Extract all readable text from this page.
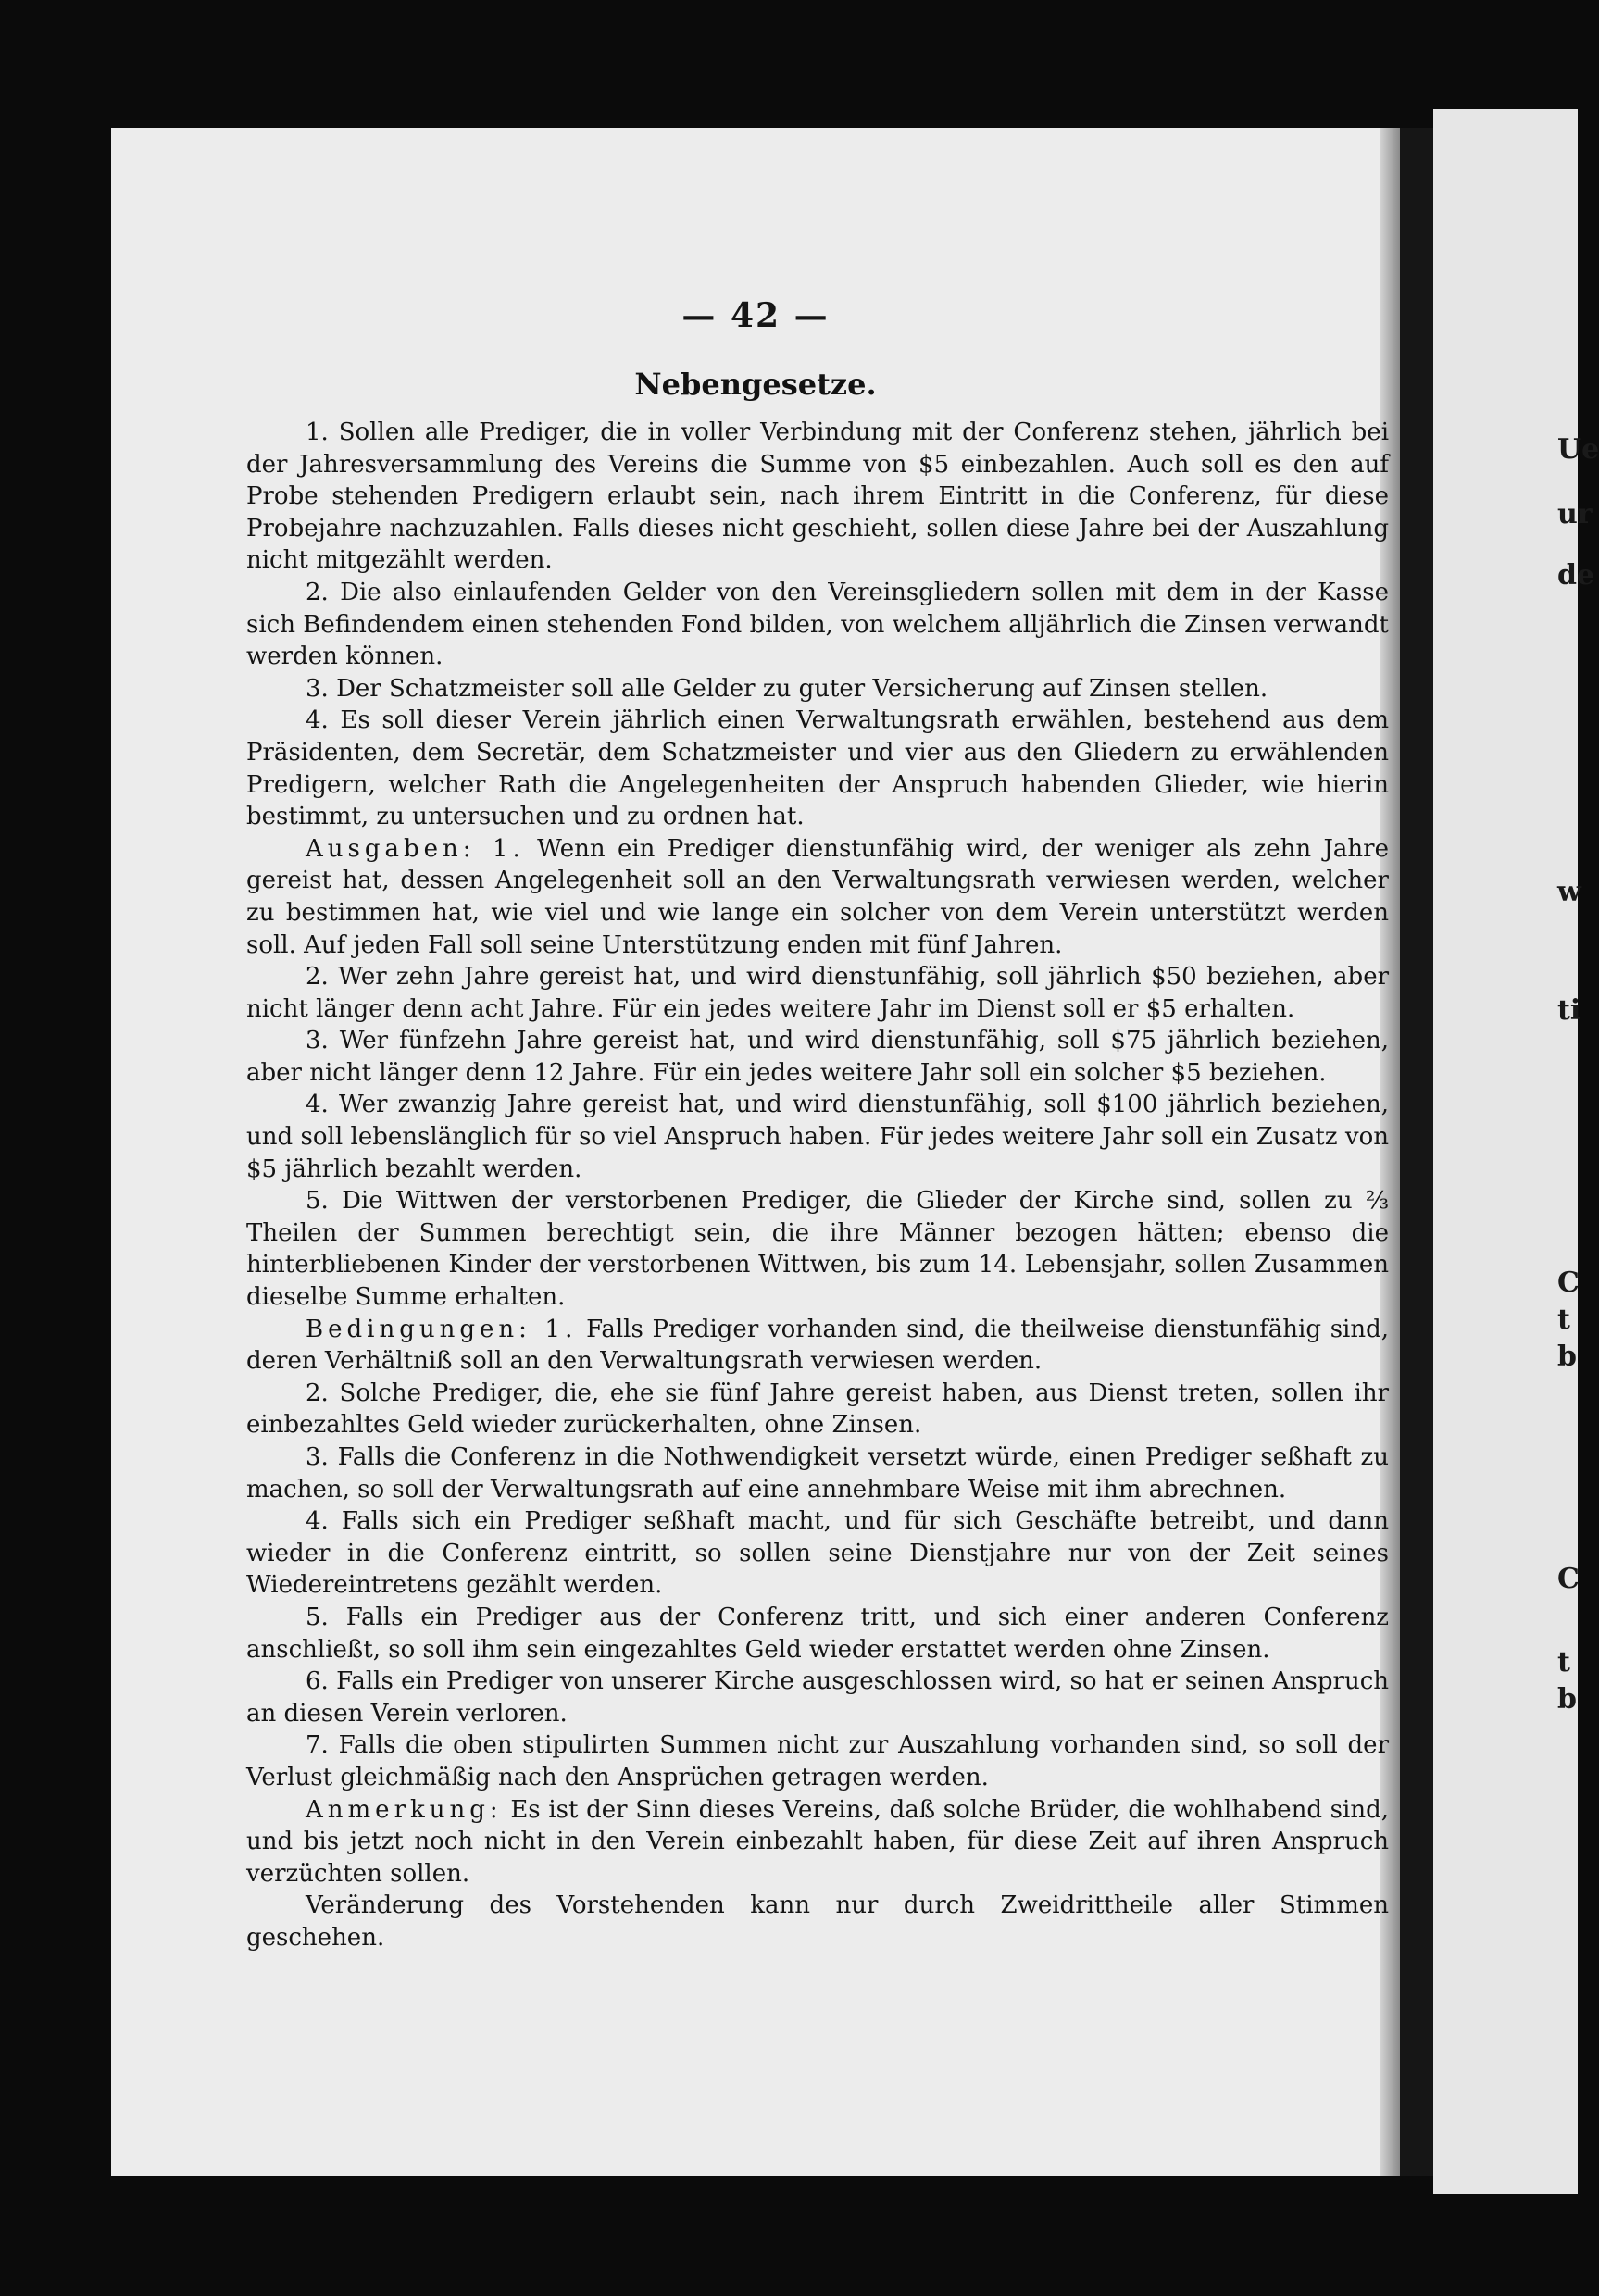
— 42 —
Nebengesetze.

1. Sollen alle Prediger, die in voller Verbindung mit der Conferenz stehen, jährlich bei der Jahresversammlung des Vereins die Summe von $5 einbezahlen. Auch soll es den auf Probe stehenden Predigern erlaubt sein, nach ihrem Eintritt in die Conferenz, für diese Probejahre nachzuzahlen. Falls dieses nicht geschieht, sollen diese Jahre bei der Auszahlung nicht mitgezählt werden.

2. Die also einlaufenden Gelder von den Vereinsgliedern sollen mit dem in der Kasse sich Befindendem einen stehenden Fond bilden, von welchem alljährlich die Zinsen verwandt werden können.

3. Der Schatzmeister soll alle Gelder zu guter Versicherung auf Zinsen stellen.

4. Es soll dieser Verein jährlich einen Verwaltungsrath erwählen, bestehend aus dem Präsidenten, dem Secretär, dem Schatzmeister und vier aus den Gliedern zu erwählenden Predigern, welcher Rath die Angelegenheiten der Anspruch habenden Glieder, wie hierin bestimmt, zu untersuchen und zu ordnen hat.

Ausgaben: 1. Wenn ein Prediger dienstunfähig wird, der weniger als zehn Jahre gereist hat, dessen Angelegenheit soll an den Verwaltungsrath verwiesen werden, welcher zu bestimmen hat, wie viel und wie lange ein solcher von dem Verein unterstützt werden soll. Auf jeden Fall soll seine Unterstützung enden mit fünf Jahren.

2. Wer zehn Jahre gereist hat, und wird dienstunfähig, soll jährlich $50 beziehen, aber nicht länger denn acht Jahre. Für ein jedes weitere Jahr im Dienst soll er $5 erhalten.

3. Wer fünfzehn Jahre gereist hat, und wird dienstunfähig, soll $75 jährlich beziehen, aber nicht länger denn 12 Jahre. Für ein jedes weitere Jahr soll ein solcher $5 beziehen.

4. Wer zwanzig Jahre gereist hat, und wird dienstunfähig, soll $100 jährlich beziehen, und soll lebenslänglich für so viel Anspruch haben. Für jedes weitere Jahr soll ein Zusatz von $5 jährlich bezahlt werden.

5. Die Wittwen der verstorbenen Prediger, die Glieder der Kirche sind, sollen zu ⅔ Theilen der Summen berechtigt sein, die ihre Männer bezogen hätten; ebenso die hinterbliebenen Kinder der verstorbenen Wittwen, bis zum 14. Lebensjahr, sollen Zusammen dieselbe Summe erhalten.

Bedingungen: 1. Falls Prediger vorhanden sind, die theilweise dienstunfähig sind, deren Verhältniß soll an den Verwaltungsrath verwiesen werden.

2. Solche Prediger, die, ehe sie fünf Jahre gereist haben, aus Dienst treten, sollen ihr einbezahltes Geld wieder zurückerhalten, ohne Zinsen.

3. Falls die Conferenz in die Nothwendigkeit versetzt würde, einen Prediger seßhaft zu machen, so soll der Verwaltungsrath auf eine annehmbare Weise mit ihm abrechnen.

4. Falls sich ein Prediger seßhaft macht, und für sich Geschäfte betreibt, und dann wieder in die Conferenz eintritt, so sollen seine Dienstjahre nur von der Zeit seines Wiedereintretens gezählt werden.

5. Falls ein Prediger aus der Conferenz tritt, und sich einer anderen Conferenz anschließt, so soll ihm sein eingezahltes Geld wieder erstattet werden ohne Zinsen.

6. Falls ein Prediger von unserer Kirche ausgeschlossen wird, so hat er seinen Anspruch an diesen Verein verloren.

7. Falls die oben stipulirten Summen nicht zur Auszahlung vorhanden sind, so soll der Verlust gleichmäßig nach den Ansprüchen getragen werden.

Anmerkung: Es ist der Sinn dieses Vereins, daß solche Brüder, die wohlhabend sind, und bis jetzt noch nicht in den Verein einbezahlt haben, für diese Zeit auf ihren Anspruch verzüchten sollen.

Veränderung des Vorstehenden kann nur durch Zweidrittheile aller Stimmen geschehen.

Ue
ur
de
w
ti
C
t
b
C
t
b
